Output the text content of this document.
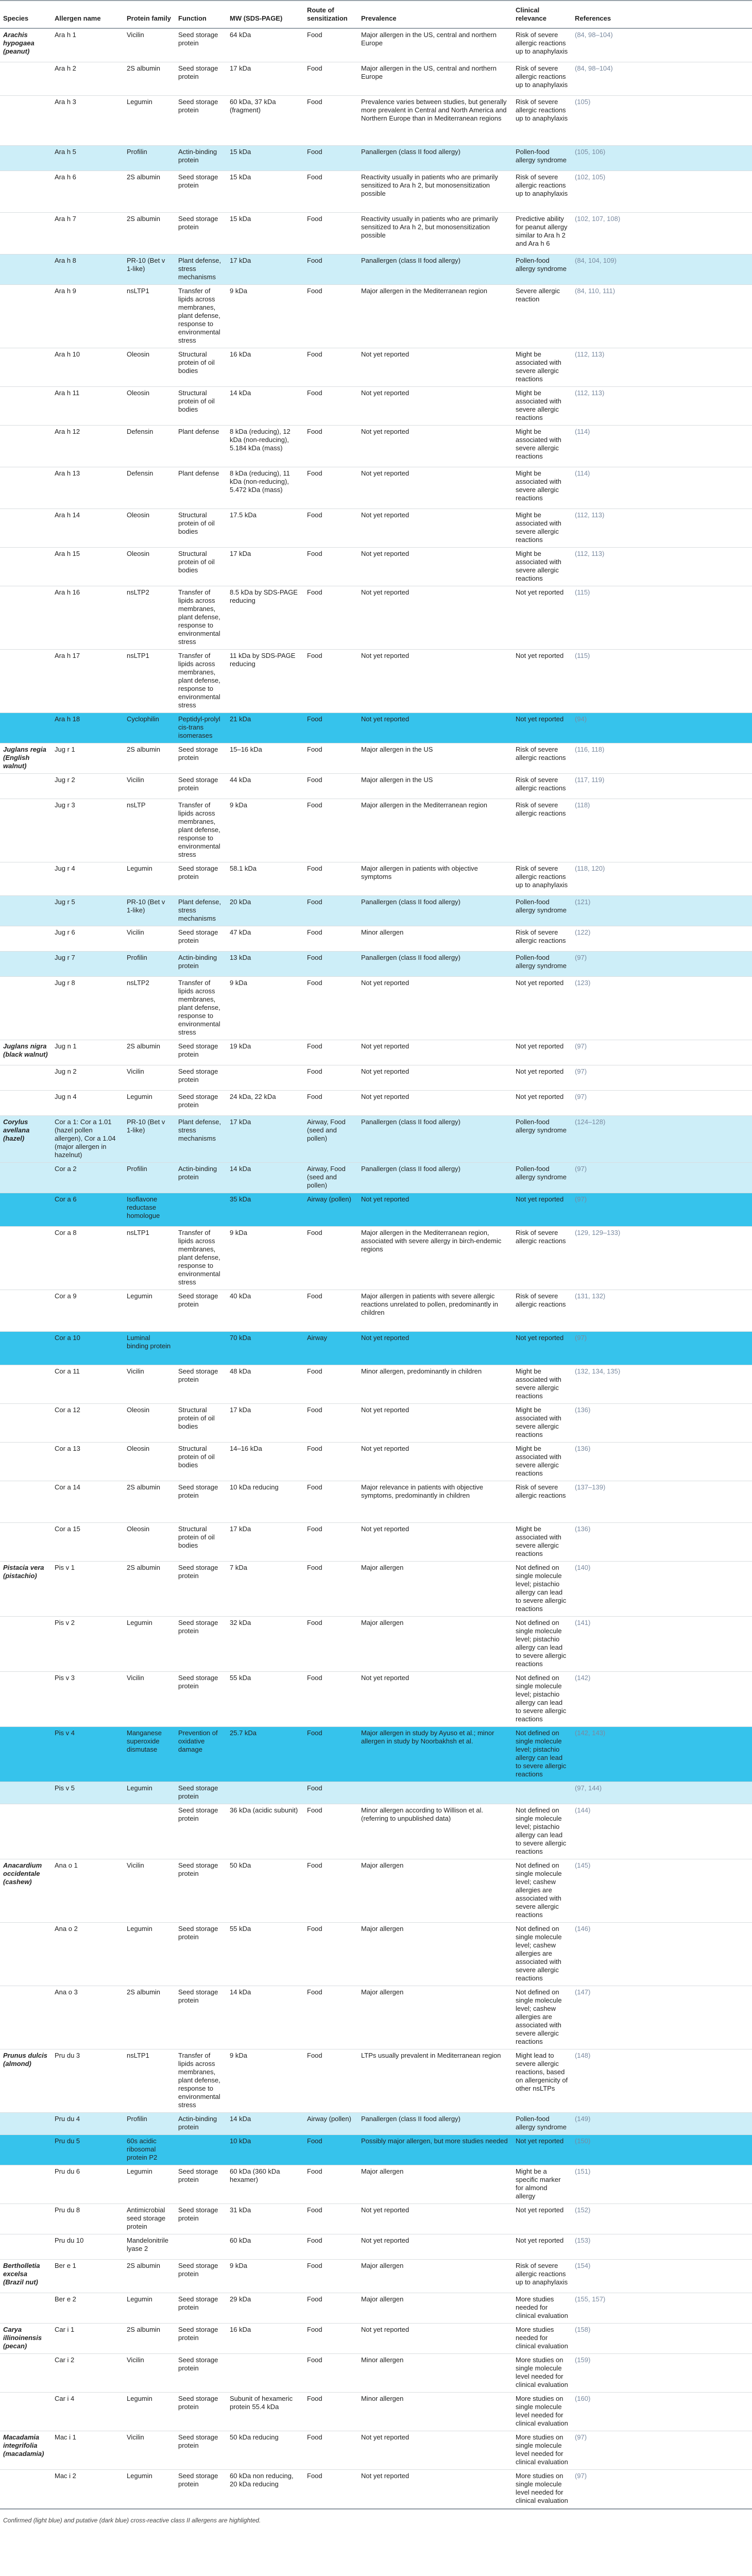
Species	Allergen name	Protein family	Function	MW (SDS-PAGE)	Route of sensitization	Prevalence	Clinical relevance	References
Arachis hypogaea (peanut)	Ara h 1	Vicilin	Seed storage protein	64 kDa	Food	Major allergen in the US, central and northern Europe	Risk of severe allergic reactions up to anaphylaxis	(84, 98–104)
	Ara h 2	2S albumin	Seed storage protein	17 kDa	Food	Major allergen in the US, central and northern Europe	Risk of severe allergic reactions up to anaphylaxis	(84, 98–104)
	Ara h 3	Legumin	Seed storage protein	60 kDa, 37 kDa (fragment)	Food	Prevalence varies between studies, but generally more prevalent in Central and North America and Northern Europe than in Mediterranean regions	Risk of severe allergic reactions up to anaphylaxis	(105)
	Ara h 5	Profilin	Actin-binding protein	15 kDa	Food	Panallergen (class II food allergy)	Pollen-food allergy syndrome	(105, 106)
	Ara h 6	2S albumin	Seed storage protein	15 kDa	Food	Reactivity usually in patients who are primarily sensitized to Ara h 2, but monosensitization possible	Risk of severe allergic reactions up to anaphylaxis	(102, 105)
	Ara h 7	2S albumin	Seed storage protein	15 kDa	Food	Reactivity usually in patients who are primarily sensitized to Ara h 2, but monosensitization possible	Predictive ability for peanut allergy similar to Ara h 2 and Ara h 6	(102, 107, 108)
	Ara h 8	PR-10 (Bet v 1-like)	Plant defense, stress mechanisms	17 kDa	Food	Panallergen (class II food allergy)	Pollen-food allergy syndrome	(84, 104, 109)
	Ara h 9	nsLTP1	Transfer of lipids across membranes, plant defense, response to environmental stress	9 kDa	Food	Major allergen in the Mediterranean region	Severe allergic reaction	(84, 110, 111)
	Ara h 10	Oleosin	Structural protein of oil bodies	16 kDa	Food	Not yet reported	Might be associated with severe allergic reactions	(112, 113)
	Ara h 11	Oleosin	Structural protein of oil bodies	14 kDa	Food	Not yet reported	Might be associated with severe allergic reactions	(112, 113)
	Ara h 12	Defensin	Plant defense	8 kDa (reducing), 12 kDa (non-reducing), 5.184 kDa (mass)	Food	Not yet reported	Might be associated with severe allergic reactions	(114)
	Ara h 13	Defensin	Plant defense	8 kDa (reducing), 11 kDa (non-reducing), 5.472 kDa (mass)	Food	Not yet reported	Might be associated with severe allergic reactions	(114)
	Ara h 14	Oleosin	Structural protein of oil bodies	17.5 kDa	Food	Not yet reported	Might be associated with severe allergic reactions	(112, 113)
	Ara h 15	Oleosin	Structural protein of oil bodies	17 kDa	Food	Not yet reported	Might be associated with severe allergic reactions	(112, 113)
	Ara h 16	nsLTP2	Transfer of lipids across membranes, plant defense, response to environmental stress	8.5 kDa by SDS-PAGE reducing	Food	Not yet reported	Not yet reported	(115)
	Ara h 17	nsLTP1	Transfer of lipids across membranes, plant defense, response to environmental stress	11 kDa by SDS-PAGE reducing	Food	Not yet reported	Not yet reported	(115)
	Ara h 18	Cyclophilin	Peptidyl-prolyl cis-trans isomerases	21 kDa	Food	Not yet reported	Not yet reported	(94)
Juglans regia (English walnut)	Jug r 1	2S albumin	Seed storage protein	15–16 kDa	Food	Major allergen in the US	Risk of severe allergic reactions	(116, 118)
	Jug r 2	Vicilin	Seed storage protein	44 kDa	Food	Major allergen in the US	Risk of severe allergic reactions	(117, 119)
	Jug r 3	nsLTP	Transfer of lipids across membranes, plant defense, response to environmental stress	9 kDa	Food	Major allergen in the Mediterranean region	Risk of severe allergic reactions	(118)
	Jug r 4	Legumin	Seed storage protein	58.1 kDa	Food	Major allergen in patients with objective symptoms	Risk of severe allergic reactions up to anaphylaxis	(118, 120)
	Jug r 5	PR-10 (Bet v 1-like)	Plant defense, stress mechanisms	20 kDa	Food	Panallergen (class II food allergy)	Pollen-food allergy syndrome	(121)
	Jug r 6	Vicilin	Seed storage protein	47 kDa	Food	Minor allergen	Risk of severe allergic reactions	(122)
	Jug r 7	Profilin	Actin-binding protein	13 kDa	Food	Panallergen (class II food allergy)	Pollen-food allergy syndrome	(97)
	Jug r 8	nsLTP2	Transfer of lipids across membranes, plant defense, response to environmental stress	9 kDa	Food	Not yet reported	Not yet reported	(123)
Juglans nigra (black walnut)	Jug n 1	2S albumin	Seed storage protein	19 kDa	Food	Not yet reported	Not yet reported	(97)
	Jug n 2	Vicilin	Seed storage protein		Food	Not yet reported	Not yet reported	(97)
	Jug n 4	Legumin	Seed storage protein	24 kDa, 22 kDa	Food	Not yet reported	Not yet reported	(97)
Corylus avellana (hazel)	Cor a 1: Cor a 1.01 (hazel pollen allergen), Cor a 1.04 (major allergen in hazelnut)	PR-10 (Bet v 1-like)	Plant defense, stress mechanisms	17 kDa	Airway, Food (seed and pollen)	Panallergen (class II food allergy)	Pollen-food allergy syndrome	(124–128)
	Cor a 2	Profilin	Actin-binding protein	14 kDa	Airway, Food (seed and pollen)	Panallergen (class II food allergy)	Pollen-food allergy syndrome	(97)
	Cor a 6	Isoflavone reductase homologue		35 kDa	Airway (pollen)	Not yet reported	Not yet reported	(97)
	Cor a 8	nsLTP1	Transfer of lipids across membranes, plant defense, response to environmental stress	9 kDa	Food	Major allergen in the Mediterranean region, associated with severe allergy in birch-endemic regions	Risk of severe allergic reactions	(129, 129–133)
	Cor a 9	Legumin	Seed storage protein	40 kDa	Food	Major allergen in patients with severe allergic reactions unrelated to pollen, predominantly in children	Risk of severe allergic reactions	(131, 132)
	Cor a 10	Luminal binding protein		70 kDa	Airway	Not yet reported	Not yet reported	(97)
	Cor a 11	Vicilin	Seed storage protein	48 kDa	Food	Minor allergen, predominantly in children	Might be associated with severe allergic reactions	(132, 134, 135)
	Cor a 12	Oleosin	Structural protein of oil bodies	17 kDa	Food	Not yet reported	Might be associated with severe allergic reactions	(136)
	Cor a 13	Oleosin	Structural protein of oil bodies	14–16 kDa	Food	Not yet reported	Might be associated with severe allergic reactions	(136)
	Cor a 14	2S albumin	Seed storage protein	10 kDa reducing	Food	Major relevance in patients with objective symptoms, predominantly in children	Risk of severe allergic reactions	(137–139)
	Cor a 15	Oleosin	Structural protein of oil bodies	17 kDa	Food	Not yet reported	Might be associated with severe allergic reactions	(136)
Pistacia vera (pistachio)	Pis v 1	2S albumin	Seed storage protein	7 kDa	Food	Major allergen	Not defined on single molecule level; pistachio allergy can lead to severe allergic reactions	(140)
	Pis v 2	Legumin	Seed storage protein	32 kDa	Food	Major allergen	Not defined on single molecule level; pistachio allergy can lead to severe allergic reactions	(141)
	Pis v 3	Vicilin	Seed storage protein	55 kDa	Food	Not yet reported	Not defined on single molecule level; pistachio allergy can lead to severe allergic reactions	(142)
	Pis v 4	Manganese superoxide dismutase	Prevention of oxidative damage	25.7 kDa	Food	Major allergen in study by Ayuso et al.; minor allergen in study by Noorbakhsh et al.	Not defined on single molecule level; pistachio allergy can lead to severe allergic reactions	(142, 143)
	Pis v 5	Legumin	Seed storage protein		Food			(97, 144)
			Seed storage protein	36 kDa (acidic subunit)	Food	Minor allergen according to Willison et al. (referring to unpublished data)	Not defined on single molecule level; pistachio allergy can lead to severe allergic reactions	(144)
Anacardium occidentale (cashew)	Ana o 1	Vicilin	Seed storage protein	50 kDa	Food	Major allergen	Not defined on single molecule level; cashew allergies are associated with severe allergic reactions	(145)
	Ana o 2	Legumin	Seed storage protein	55 kDa	Food	Major allergen	Not defined on single molecule level; cashew allergies are associated with severe allergic reactions	(146)
	Ana o 3	2S albumin	Seed storage protein	14 kDa	Food	Major allergen	Not defined on single molecule level; cashew allergies are associated with severe allergic reactions	(147)
Prunus dulcis (almond)	Pru du 3	nsLTP1	Transfer of lipids across membranes, plant defense, response to environmental stress	9 kDa	Food	LTPs usually prevalent in Mediterranean region	Might lead to severe allergic reactions, based on allergenicity of other nsLTPs	(148)
	Pru du 4	Profilin	Actin-binding protein	14 kDa	Airway (pollen)	Panallergen (class II food allergy)	Pollen-food allergy syndrome	(149)
	Pru du 5	60s acidic ribosomal protein P2		10 kDa	Food	Possibly major allergen, but more studies needed	Not yet reported	(150)
	Pru du 6	Legumin	Seed storage protein	60 kDa (360 kDa hexamer)	Food	Major allergen	Might be a specific marker for almond allergy	(151)
	Pru du 8	Antimicrobial seed storage protein	Seed storage protein	31 kDa	Food	Not yet reported	Not yet reported	(152)
	Pru du 10	Mandelonitrile lyase 2		60 kDa	Food	Not yet reported	Not yet reported	(153)
Bertholletia excelsa (Brazil nut)	Ber e 1	2S albumin	Seed storage protein	9 kDa	Food	Major allergen	Risk of severe allergic reactions up to anaphylaxis	(154)
	Ber e 2	Legumin	Seed storage protein	29 kDa	Food	Major allergen	More studies needed for clinical evaluation	(155, 157)
Carya illinoinensis (pecan)	Car i 1	2S albumin	Seed storage protein	16 kDa	Food	Not yet reported	More studies needed for clinical evaluation	(158)
	Car i 2	Vicilin	Seed storage protein		Food	Minor allergen	More studies on single molecule level needed for clinical evaluation	(159)
	Car i 4	Legumin	Seed storage protein	Subunit of hexameric protein 55.4 kDa	Food	Minor allergen	More studies on single molecule level needed for clinical evaluation	(160)
Macadamia integrifolia (macadamia)	Mac i 1	Vicilin	Seed storage protein	50 kDa reducing	Food	Not yet reported	More studies on single molecule level needed for clinical evaluation	(97)
	Mac i 2	Legumin	Seed storage protein	60 kDa non reducing, 20 kDa reducing	Food	Not yet reported	More studies on single molecule level needed for clinical evaluation	(97)
Confirmed (light blue) and putative (dark blue) cross-reactive class II allergens are highlighted.
